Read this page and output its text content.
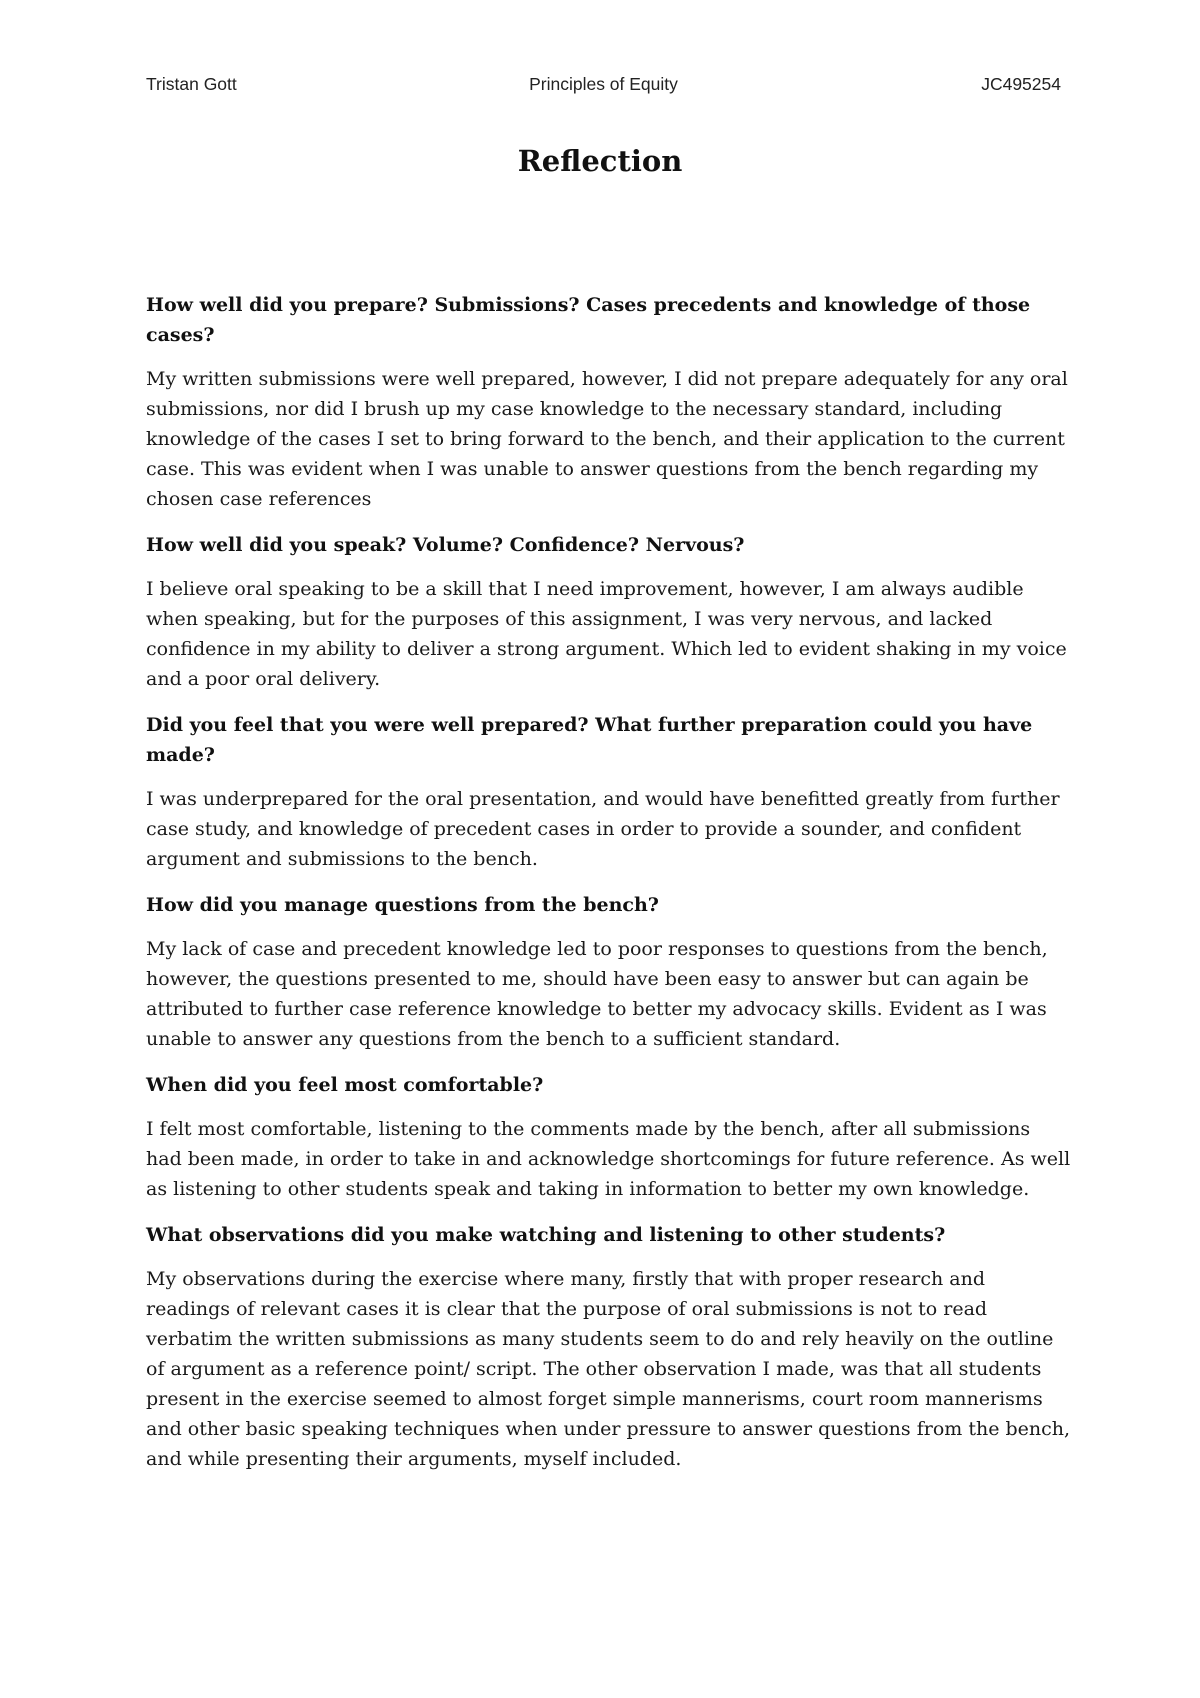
Tristan Gott	Principles of Equity	JC495254
Reflection

How well did you prepare? Submissions? Cases precedents and knowledge of those cases?

My written submissions were well prepared, however, I did not prepare adequately for any oral submissions, nor did I brush up my case knowledge to the necessary standard, including knowledge of the cases I set to bring forward to the bench, and their application to the current case. This was evident when I was unable to answer questions from the bench regarding my chosen case references

How well did you speak? Volume? Confidence? Nervous?

I believe oral speaking to be a skill that I need improvement, however, I am always audible when speaking, but for the purposes of this assignment, I was very nervous, and lacked confidence in my ability to deliver a strong argument. Which led to evident shaking in my voice and a poor oral delivery.

Did you feel that you were well prepared? What further preparation could you have made?

I was underprepared for the oral presentation, and would have benefitted greatly from further case study, and knowledge of precedent cases in order to provide a sounder, and confident argument and submissions to the bench.

How did you manage questions from the bench?

My lack of case and precedent knowledge led to poor responses to questions from the bench, however, the questions presented to me, should have been easy to answer but can again be attributed to further case reference knowledge to better my advocacy skills. Evident as I was unable to answer any questions from the bench to a sufficient standard.

When did you feel most comfortable?

I felt most comfortable, listening to the comments made by the bench, after all submissions had been made, in order to take in and acknowledge shortcomings for future reference. As well as listening to other students speak and taking in information to better my own knowledge.

What observations did you make watching and listening to other students?

My observations during the exercise where many, firstly that with proper research and readings of relevant cases it is clear that the purpose of oral submissions is not to read verbatim the written submissions as many students seem to do and rely heavily on the outline of argument as a reference point/ script. The other observation I made, was that all students present in the exercise seemed to almost forget simple mannerisms, court room mannerisms and other basic speaking techniques when under pressure to answer questions from the bench, and while presenting their arguments, myself included.
